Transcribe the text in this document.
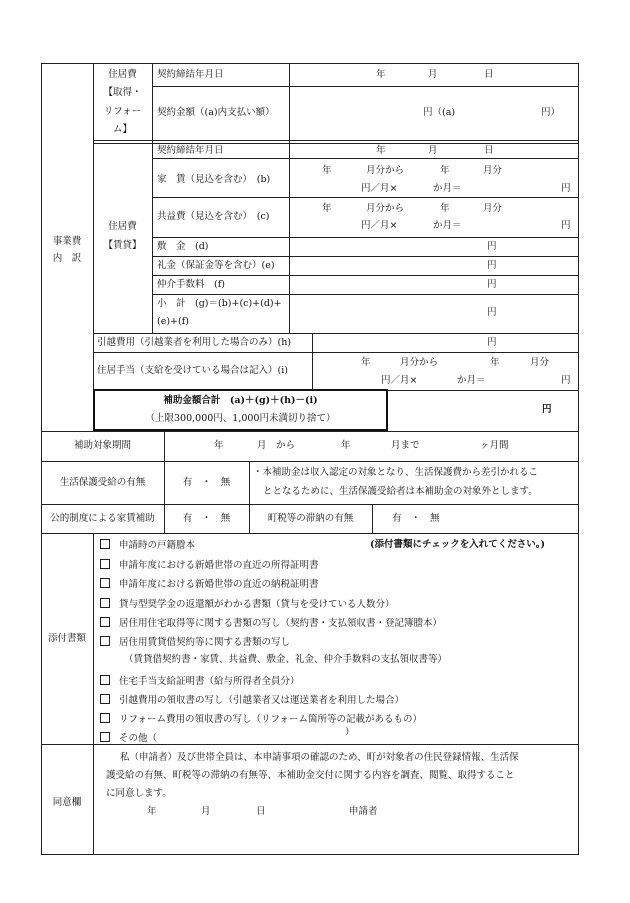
事業費
内　訳
住居費
【取得・
リフォー
ム】
契約締結年月日	年	月	日
契約金額（(a)内支払い額）	円（(a)	円）
住居費
【賃貸】
契約締結年月日	年	月	日
家　賃（見込を含む）　(b)
年	月分から	年	月分
円／月×	か月＝	円
共益費（見込を含む）　(c)
年	月分から	年	月分
円／月×	か月＝	円
敷　金　(d)	円
礼金（保証金等を含む）(e)	円
仲介手数料　(f)	円
小　計　(g)＝(b)+(c)+(d)+
(e)+(f)
円
引越費用（引越業者を利用した場合のみ）(h)	円
住居手当（支給を受けている場合は記入）(i)
年	月分から	年	月分
円／月×	か月＝	円
補助金額合計　(a)＋(g)＋(h)－(i)
（上限300,000円、1,000円未満切り捨て）
円
補助対象期間	年	月　から	年	月まで	ヶ月間
生活保護受給の有無	有　・　無
・本補助金は収入認定の対象となり、生活保護費から差引かれるこ
ととなるために、生活保護受給者は本補助金の対象外とします。
公的制度による家賃補助	有　・　無	町税等の滞納の有無	有　・　無
添付書類
(添付書類にチェックを入れてください。)
申請時の戸籍謄本
申請年度における新婚世帯の直近の所得証明書
申請年度における新婚世帯の直近の納税証明書
貸与型奨学金の返還額がわかる書類（貸与を受けている人数分）
居住用住宅取得等に関する書類の写し（契約書・支払領収書・登記簿謄本）
居住用賃貸借契約等に関する書類の写し
住宅手当支給証明書（給与所得者全員分）
引越費用の領収書の写し（引越業者又は運送業者を利用した場合）
リフォーム費用の領収書の写し（リフォーム箇所等の記載があるもの）
その他（
（賃貸借契約書・家賃、共益費、敷金、礼金、仲介手数料の支払領収書等）
）
同意欄
私（申請者）及び世帯全員は、本申請事項の確認のため、町が対象者の住民登録情報、生活保
護受給の有無、町税等の滞納の有無等、本補助金交付に関する内容を調査、閲覧、取得すること
に同意します。
年	月	日	申請者
